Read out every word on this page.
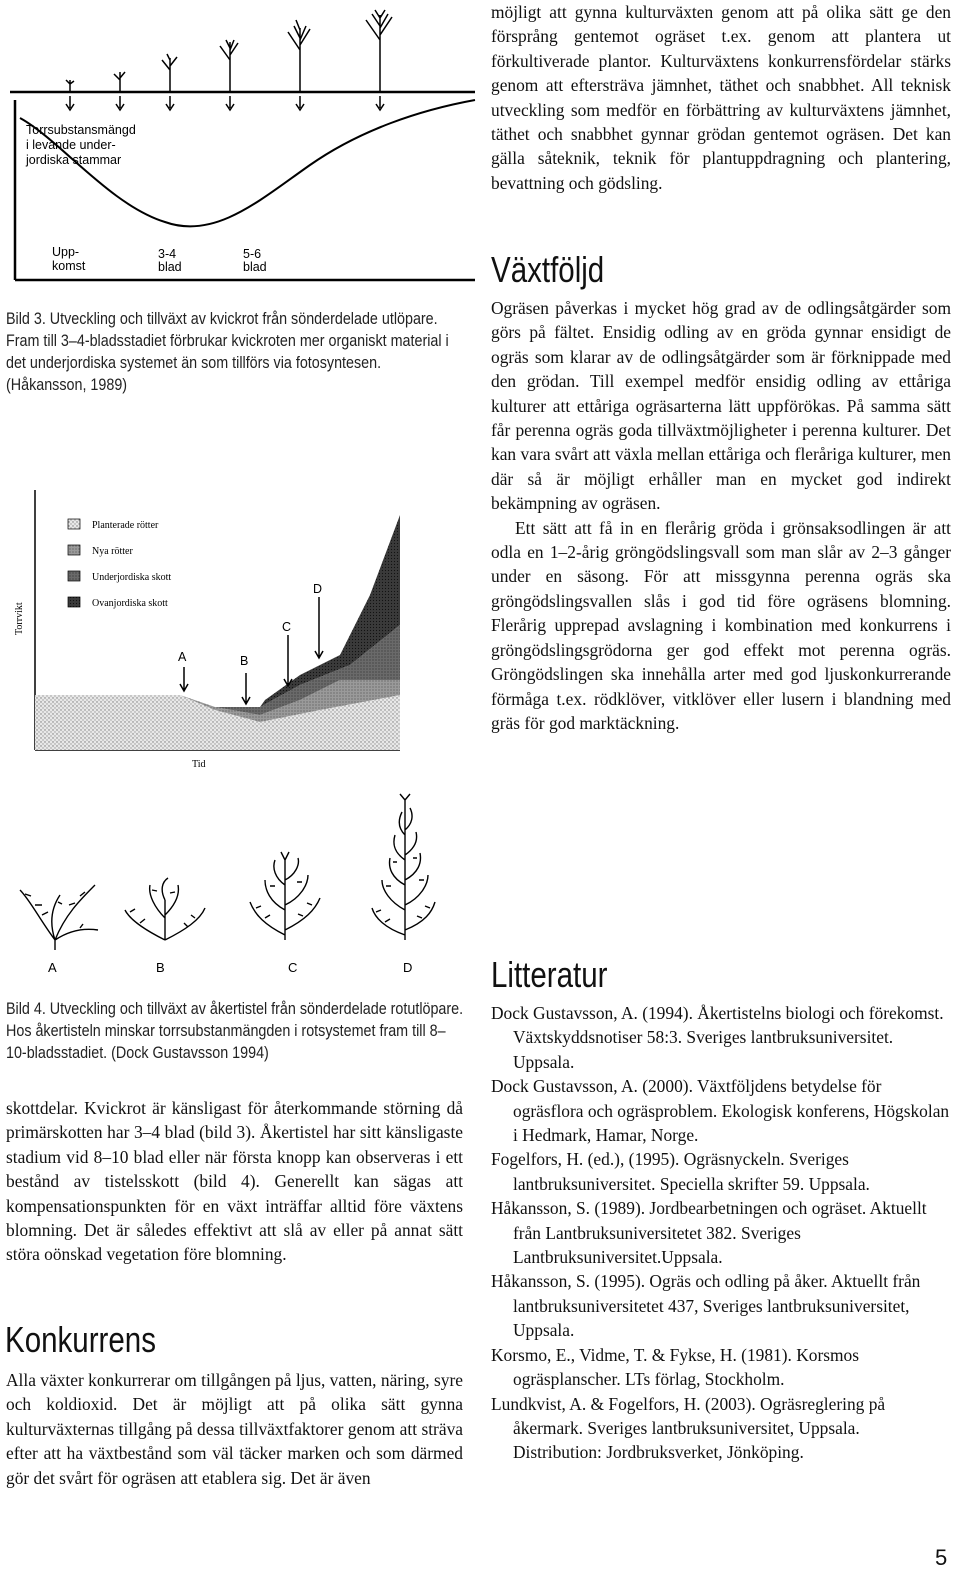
Torrsubstansmängd
i levande under-
jordiska stammar
Upp-
komst
3-4
blad
5-6
blad
Bild 3. Utveckling och tillväxt av kvickrot från sönderdelade utlöpare. Fram till 3–4-bladsstadiet förbrukar kvickroten mer organiskt material i det underjordiska systemet än som tillförs via fotosyntesen. (Håkansson, 1989)
Planterade rötter
Nya rötter
Underjordiska skott
Ovanjordiska skott
Torrvikt
Tid
A	B
C
D
A	B	C	D
Bild 4. Utveckling och tillväxt av åkertistel från sönderdelade rotutlöpare. Hos åkertisteln minskar torrsubstanmängden i rotsystemet fram till 8–10-bladsstadiet. (Dock Gustavsson 1994)

skottdelar. Kvickrot är känsligast för återkommande störning då primärskotten har 3–4 blad (bild 3). Åkertistel har sitt känsligaste stadium vid 8–10 blad eller när första knopp kan observeras i ett bestånd av tistelsskott (bild 4). Generellt kan sägas att kompensationspunkten för en växt inträffar alltid före växtens blomning. Det är således effektivt att slå av eller på annat sätt störa oönskad vegetation före blomning.

Konkurrens

Alla växter konkurrerar om tillgången på ljus, vatten, näring, syre och koldioxid. Det är möjligt att på olika sätt gynna kulturväxternas tillgång på dessa tillväxtfaktorer genom att sträva efter att ha växtbestånd som väl täcker marken och som därmed gör det svårt för ogräsen att etablera sig. Det är även

möjligt att gynna kulturväxten genom att på olika sätt ge den försprång gentemot ogräset t.ex. genom att plantera ut förkultiverade plantor. Kulturväxtens konkurrensfördelar stärks genom att eftersträva jämnhet, täthet och snabbhet. All teknisk utveckling som medför en förbättring av kulturväxtens jämnhet, täthet och snabbhet gynnar grödan gentemot ogräsen. Det kan gälla såteknik, teknik för plantuppdragning och plantering, bevattning och gödsling.

Växtföljd

Ogräsen påverkas i mycket hög grad av de odlingsåtgärder som görs på fältet. Ensidig odling av en gröda gynnar ensidigt de ogräs som klarar av de odlingsåtgärder som är förknippade med den grödan. Till exempel medför ensidig odling av ettåriga kulturer att ettåriga ogräsarterna lätt uppförökas. På samma sätt får perenna ogräs goda tillväxtmöjligheter i perenna kulturer. Det kan vara svårt att växla mellan ettåriga och fleråriga kulturer, men där så är möjligt erhåller man en mycket god indirekt bekämpning av ogräsen.

Ett sätt att få in en flerårig gröda i grönsaksodlingen är att odla en 1–2-årig gröngödslingsvall som man slår av 2–3 gånger under en säsong. För att missgynna perenna ogräs ska gröngödslingsvallen slås i god tid före ogräsens blomning. Flerårig upprepad avslagning i kombination med konkurrens i gröngödslingsgrödorna ger god effekt mot perenna ogräs. Gröngödslingen ska innehålla arter med god ljuskonkurrerande förmåga t.ex. rödklöver, vitklöver eller lusern i blandning med gräs för god marktäckning.

Litteratur

Dock Gustavsson, A. (1994). Åkertistelns biologi och förekomst. Växtskyddsnotiser 58:3. Sveriges lantbruksuniversitet. Uppsala.

Dock Gustavsson, A. (2000). Växtföljdens betydelse för ogräsflora och ogräsproblem. Ekologisk konferens, Högskolan i Hedmark, Hamar, Norge.

Fogelfors, H. (ed.), (1995). Ogräsnyckeln. Sveriges lantbruksuniversitet. Speciella skrifter 59. Uppsala.

Håkansson, S. (1989). Jordbearbetningen och ogräset. Aktuellt från Lantbruksuniversitetet 382. Sveriges Lantbruksuniversitet.Uppsala.

Håkansson, S. (1995). Ogräs och odling på åker. Aktuellt från lantbruksuniversitetet 437, Sveriges lantbruksuniversitet, Uppsala.

Korsmo, E., Vidme, T. & Fykse, H. (1981). Korsmos ogräsplanscher. LTs förlag, Stockholm.

Lundkvist, A. & Fogelfors, H. (2003). Ogräsreglering på åkermark. Sveriges lantbruksuniversitet, Uppsala. Distribution: Jordbruksverket, Jönköping.

5
